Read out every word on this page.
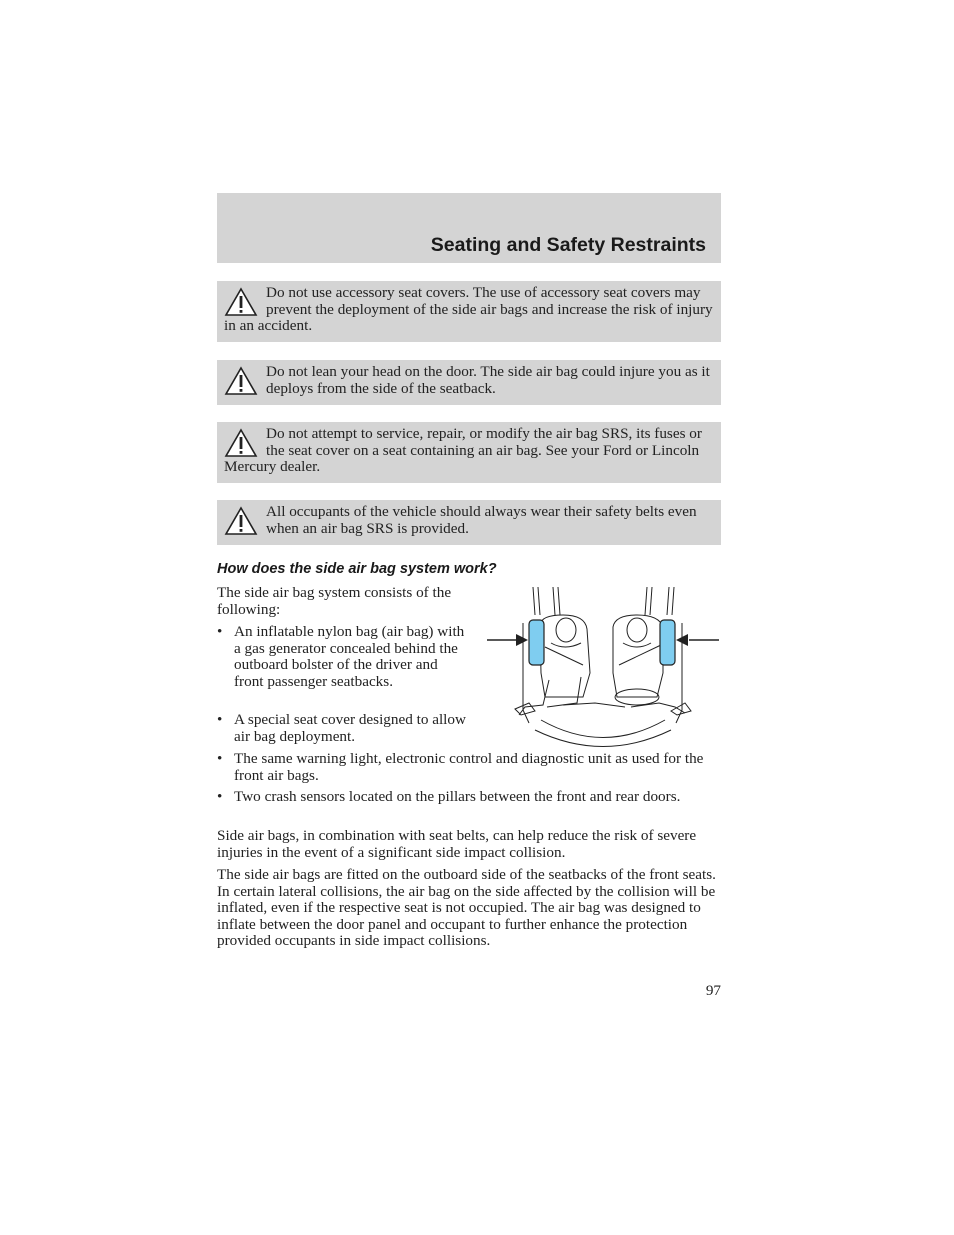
Seating and Safety Restraints
Do not use accessory seat covers. The use of accessory seat covers may prevent the deployment of the side air bags and increase the risk of injury in an accident.
Do not lean your head on the door. The side air bag could injure you as it deploys from the side of the seatback.
Do not attempt to service, repair, or modify the air bag SRS, its fuses or the seat cover on a seat containing an air bag. See your Ford or Lincoln Mercury dealer.
All occupants of the vehicle should always wear their safety belts even when an air bag SRS is provided.
How does the side air bag system work?
The side air bag system consists of the following:
• An inflatable nylon bag (air bag) with a gas generator concealed behind the outboard bolster of the driver and front passenger seatbacks.
• A special seat cover designed to allow air bag deployment.
• The same warning light, electronic control and diagnostic unit as used for the front air bags.
• Two crash sensors located on the pillars between the front and rear doors.
Side air bags, in combination with seat belts, can help reduce the risk of severe injuries in the event of a significant side impact collision.
The side air bags are fitted on the outboard side of the seatbacks of the front seats. In certain lateral collisions, the air bag on the side affected by the collision will be inflated, even if the respective seat is not occupied. The air bag was designed to inflate between the door panel and occupant to further enhance the protection provided occupants in side impact collisions.
97
